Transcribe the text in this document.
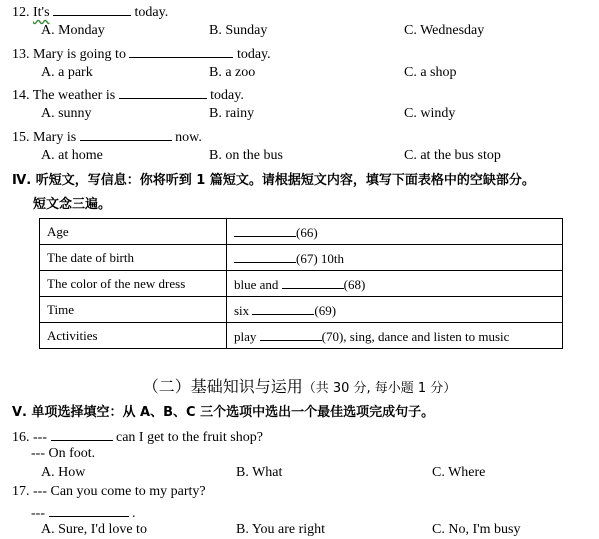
12. It's	today.
A. Monday	B. Sunday	C. Wednesday
13. Mary is going to	today.
A. a park	B. a zoo	C. a shop
14. The weather is	today.
A. sunny	B. rainy	C. windy
15. Mary is	now.
A. at home	B. on the bus	C. at the bus stop
Ⅳ. 听短文，写信息：你将听到 1 篇短文。请根据短文内容，填写下面表格中的空缺部分。
短文念三遍。
Age	(66)
The date of birth	(67) 10th
The color of the new dress	blue and (68)
Time	six (69)
Activities	play (70), sing, dance and listen to music
（二）基础知识与运用（共 30 分, 每小题 1 分）
Ⅴ. 单项选择填空：从 A、B、C 三个选项中选出一个最佳选项完成句子。
16. ---	can I get to the fruit shop?
--- On foot.
A. How	B. What	C. Where
17. --- Can you come to my party?
---	.
A. Sure, I'd love to	B. You are right	C. No, I'm busy
